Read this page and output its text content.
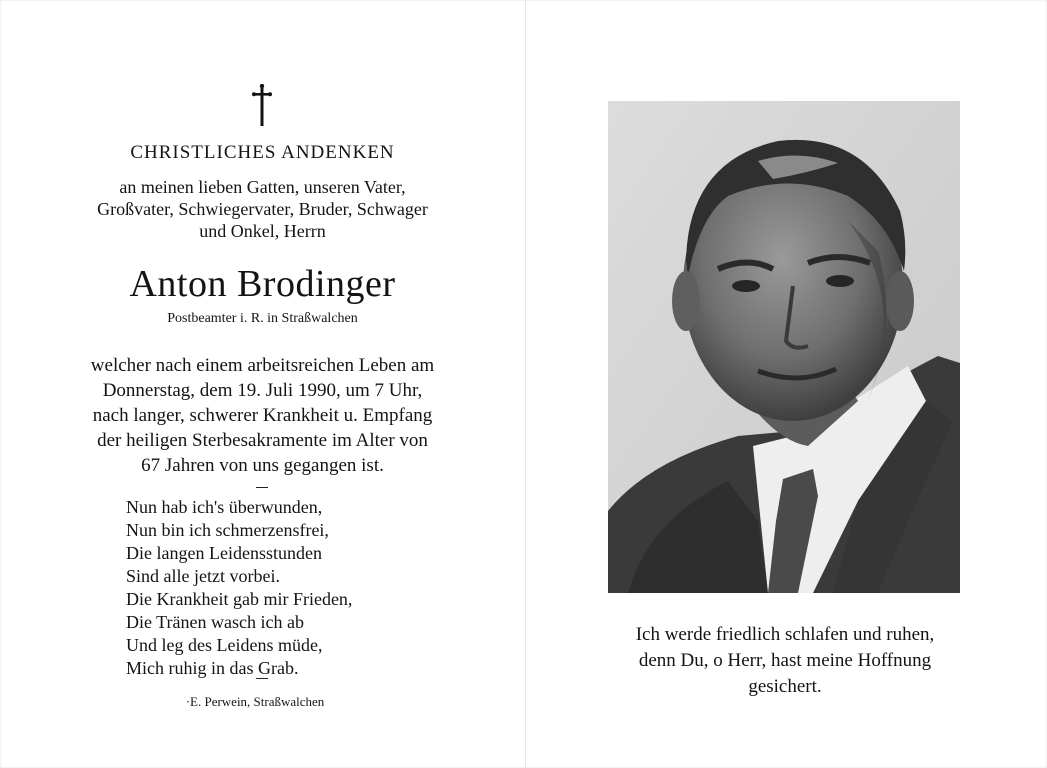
CHRISTLICHES ANDENKEN

an meinen lieben Gatten, unseren Vater,
Großvater, Schwiegervater, Bruder, Schwager
und Onkel, Herrn

Anton Brodinger
Postbeamter i. R. in Straßwalchen

welcher nach einem arbeitsreichen Leben am
Donnerstag, dem 19. Juli 1990, um 7 Uhr,
nach langer, schwerer Krankheit u. Empfang
der heiligen Sterbesakramente im Alter von
67 Jahren von uns gegangen ist.

Nun hab ich's überwunden,
Nun bin ich schmerzensfrei,
Die langen Leidensstunden
Sind alle jetzt vorbei.
Die Krankheit gab mir Frieden,
Die Tränen wasch ich ab
Und leg des Leidens müde,
Mich ruhig in das Grab.
·E. Perwein, Straßwalchen

Ich werde friedlich schlafen und ruhen,
denn Du, o Herr, hast meine Hoffnung
gesichert.
